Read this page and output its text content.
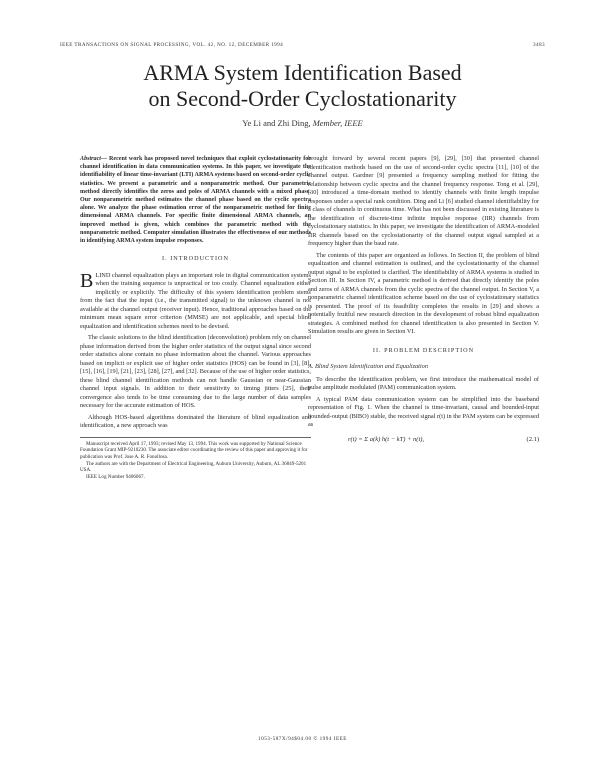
IEEE TRANSACTIONS ON SIGNAL PROCESSING, VOL. 42, NO. 12, DECEMBER 1994	3483
ARMA System Identification Based
on Second-Order Cyclostationarity
Ye Li and Zhi Ding, Member, IEEE
Abstract— Recent work has proposed novel techniques that exploit cyclostationarity for channel identification in data communication systems. In this paper, we investigate the identifiability of linear time-invariant (LTI) ARMA systems based on second-order cyclic statistics. We present a parametric and a nonparametric method. Our parametric method directly identifies the zeros and poles of ARMA channels with a mixed phase. Our nonparametric method estimates the channel phase based on the cyclic spectra alone. We analyze the phase estimation error of the nonparametric method for finite dimensional ARMA channels. For specific finite dimensional ARMA channels, an improved method is given, which combines the parametric method with the nonparametric method. Computer simulation illustrates the effectiveness of our methods in identifying ARMA system impulse responses.
I. INTRODUCTION

BLIND channel equalization plays an important role in digital communication systems when the training sequence is unpractical or too costly. Channel equalization either implicitly or explicitly. The difficulty of this system identification problem stems from the fact that the input (i.e., the transmitted signal) to the unknown channel is not available at the channel output (receiver input). Hence, traditional approaches based on the minimum mean square error criterion (MMSE) are not applicable, and special blind equalization and identification schemes need to be devised.

The classic solutions to the blind identification (deconvolution) problem rely on channel phase information derived from the higher order statistics of the output signal since second order statistics alone contain no phase information about the channel. Various approaches based on implicit or explicit use of higher order statistics (HOS) can be found in [3], [8], [15], [16], [19], [21], [23], [28], [27], and [32]. Because of the use of higher order statistics, these blind channel identification methods can not handle Gaussian or near-Gaussian channel input signals. In addition to their sensitivity to timing jitters [25], their convergence also tends to be time consuming due to the large number of data samples necessary for the accurate estimation of HOS.

Although HOS-based algorithms dominated the literature of blind equalization and identification, a new approach was

Manuscript received April 17, 1993; revised May 13, 1994. This work was supported by National Science Foundation Grant MIP-9210230. The associate editor coordinating the review of this paper and approving it for publication was Prof. Jose A. R. Fonollosa.
The authors are with the Department of Electrical Engineering, Auburn University, Auburn, AL 36849-5201 USA.
IEEE Log Number 9406067.

brought forward by several recent papers [9], [29], [30] that presented channel identification methods based on the use of second-order cyclic spectra [11], [10] of the channel output. Gardner [9] presented a frequency sampling method for fitting the relationship between cyclic spectra and the channel frequency response. Tong et al. [29], [30] introduced a time-domain method to identify channels with finite length impulse responses under a special rank condition. Ding and Li [6] studied channel identifiability for a class of channels in continuous time. What has not been discussed in existing literature is the identification of discrete-time infinite impulse response (IIR) channels from cyclostationary statistics. In this paper, we investigate the identification of ARMA-modeled IIR channels based on the cyclostationarity of the channel output signal sampled at a frequency higher than the baud rate.

The contents of this paper are organized as follows. In Section II, the problem of blind equalization and channel estimation is outlined, and the cyclostationarity of the channel output signal to be exploited is clarified. The identifiability of ARMA systems is studied in Section III. In Section IV, a parametric method is derived that directly identify the poles and zeros of ARMA channels from the cyclic spectra of the channel output. In Section V, a nonparametric channel identification scheme based on the use of cyclostationary statistics is presented. The proof of its feasibility completes the results in [29] and shows a potentially fruitful new research direction in the development of robust blind equalization strategies. A combined method for channel identification is also presented in Section V. Simulation results are given in Section VI.

II. PROBLEM DESCRIPTION
A. Blind System Identification and Equalization

To describe the identification problem, we first introduce the mathematical model of pulse amplitude modulated (PAM) communication system.

A typical PAM data communication system can be simplified into the baseband representation of Fig. 1. When the channel is time-invariant, causal and bounded-input bounded-output (BIBO) stable, the received signal r(t) in the PAM system can be expressed as

r(t) = Σ a(k) h(t − kT) + n(t),	(2.1)
1053-587X/94$04.00 © 1994 IEEE
